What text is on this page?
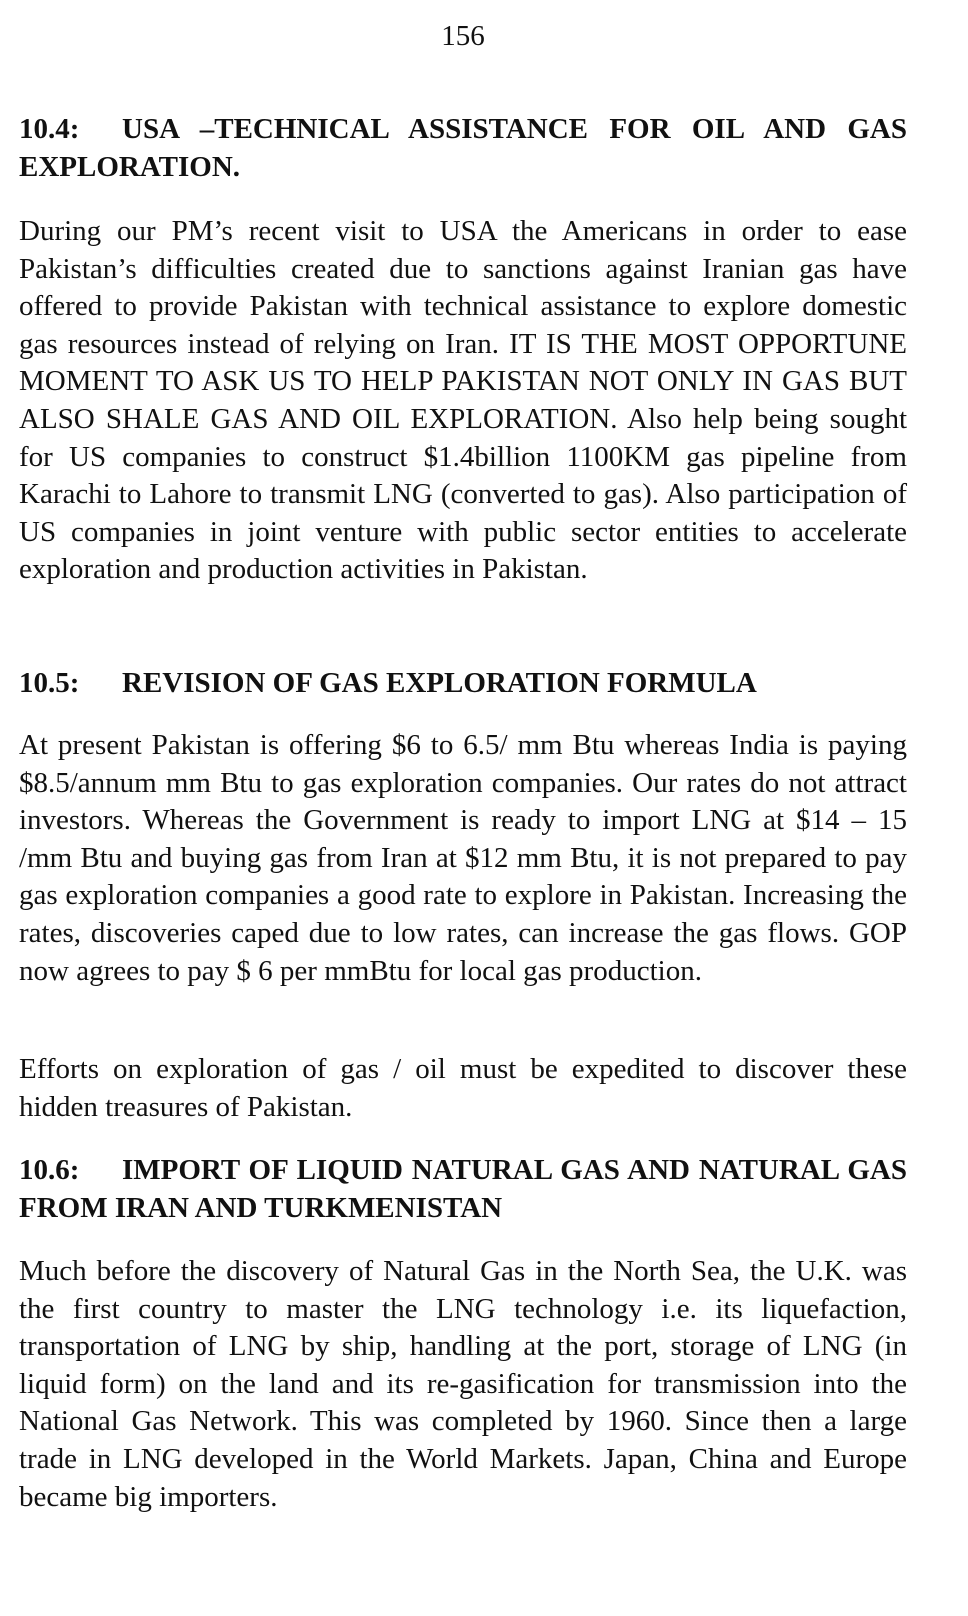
156
10.4: USA –TECHNICAL ASSISTANCE FOR OIL AND GAS EXPLORATION.

During our PM’s recent visit to USA the Americans in order to ease Pakistan’s difficulties created due to sanctions against Iranian gas have offered to provide Pakistan with technical assistance to explore domestic gas resources instead of relying on Iran. IT IS THE MOST OPPORTUNE MOMENT TO ASK US TO HELP PAKISTAN NOT ONLY IN GAS BUT ALSO SHALE GAS AND OIL EXPLORATION. Also help being sought for US companies to construct $1.4billion 1100KM gas pipeline from Karachi to Lahore to transmit LNG (converted to gas). Also participation of US companies in joint venture with public sector entities to accelerate exploration and production activities in Pakistan.

10.5: REVISION OF GAS EXPLORATION FORMULA

At present Pakistan is offering $6 to 6.5/ mm Btu whereas India is paying $8.5/annum mm Btu to gas exploration companies. Our rates do not attract investors. Whereas the Government is ready to import LNG at $14 – 15 /mm Btu and buying gas from Iran at $12 mm Btu, it is not prepared to pay gas exploration companies a good rate to explore in Pakistan. Increasing the rates, discoveries caped due to low rates, can increase the gas flows. GOP now agrees to pay $ 6 per mmBtu for local gas production.

Efforts on exploration of gas / oil must be expedited to discover these hidden treasures of Pakistan.

10.6: IMPORT OF LIQUID NATURAL GAS AND NATURAL GAS FROM IRAN AND TURKMENISTAN

Much before the discovery of Natural Gas in the North Sea, the U.K. was the first country to master the LNG technology i.e. its liquefaction, transportation of LNG by ship, handling at the port, storage of LNG (in liquid form) on the land and its re-gasification for transmission into the National Gas Network. This was completed by 1960. Since then a large trade in LNG developed in the World Markets. Japan, China and Europe became big importers.
